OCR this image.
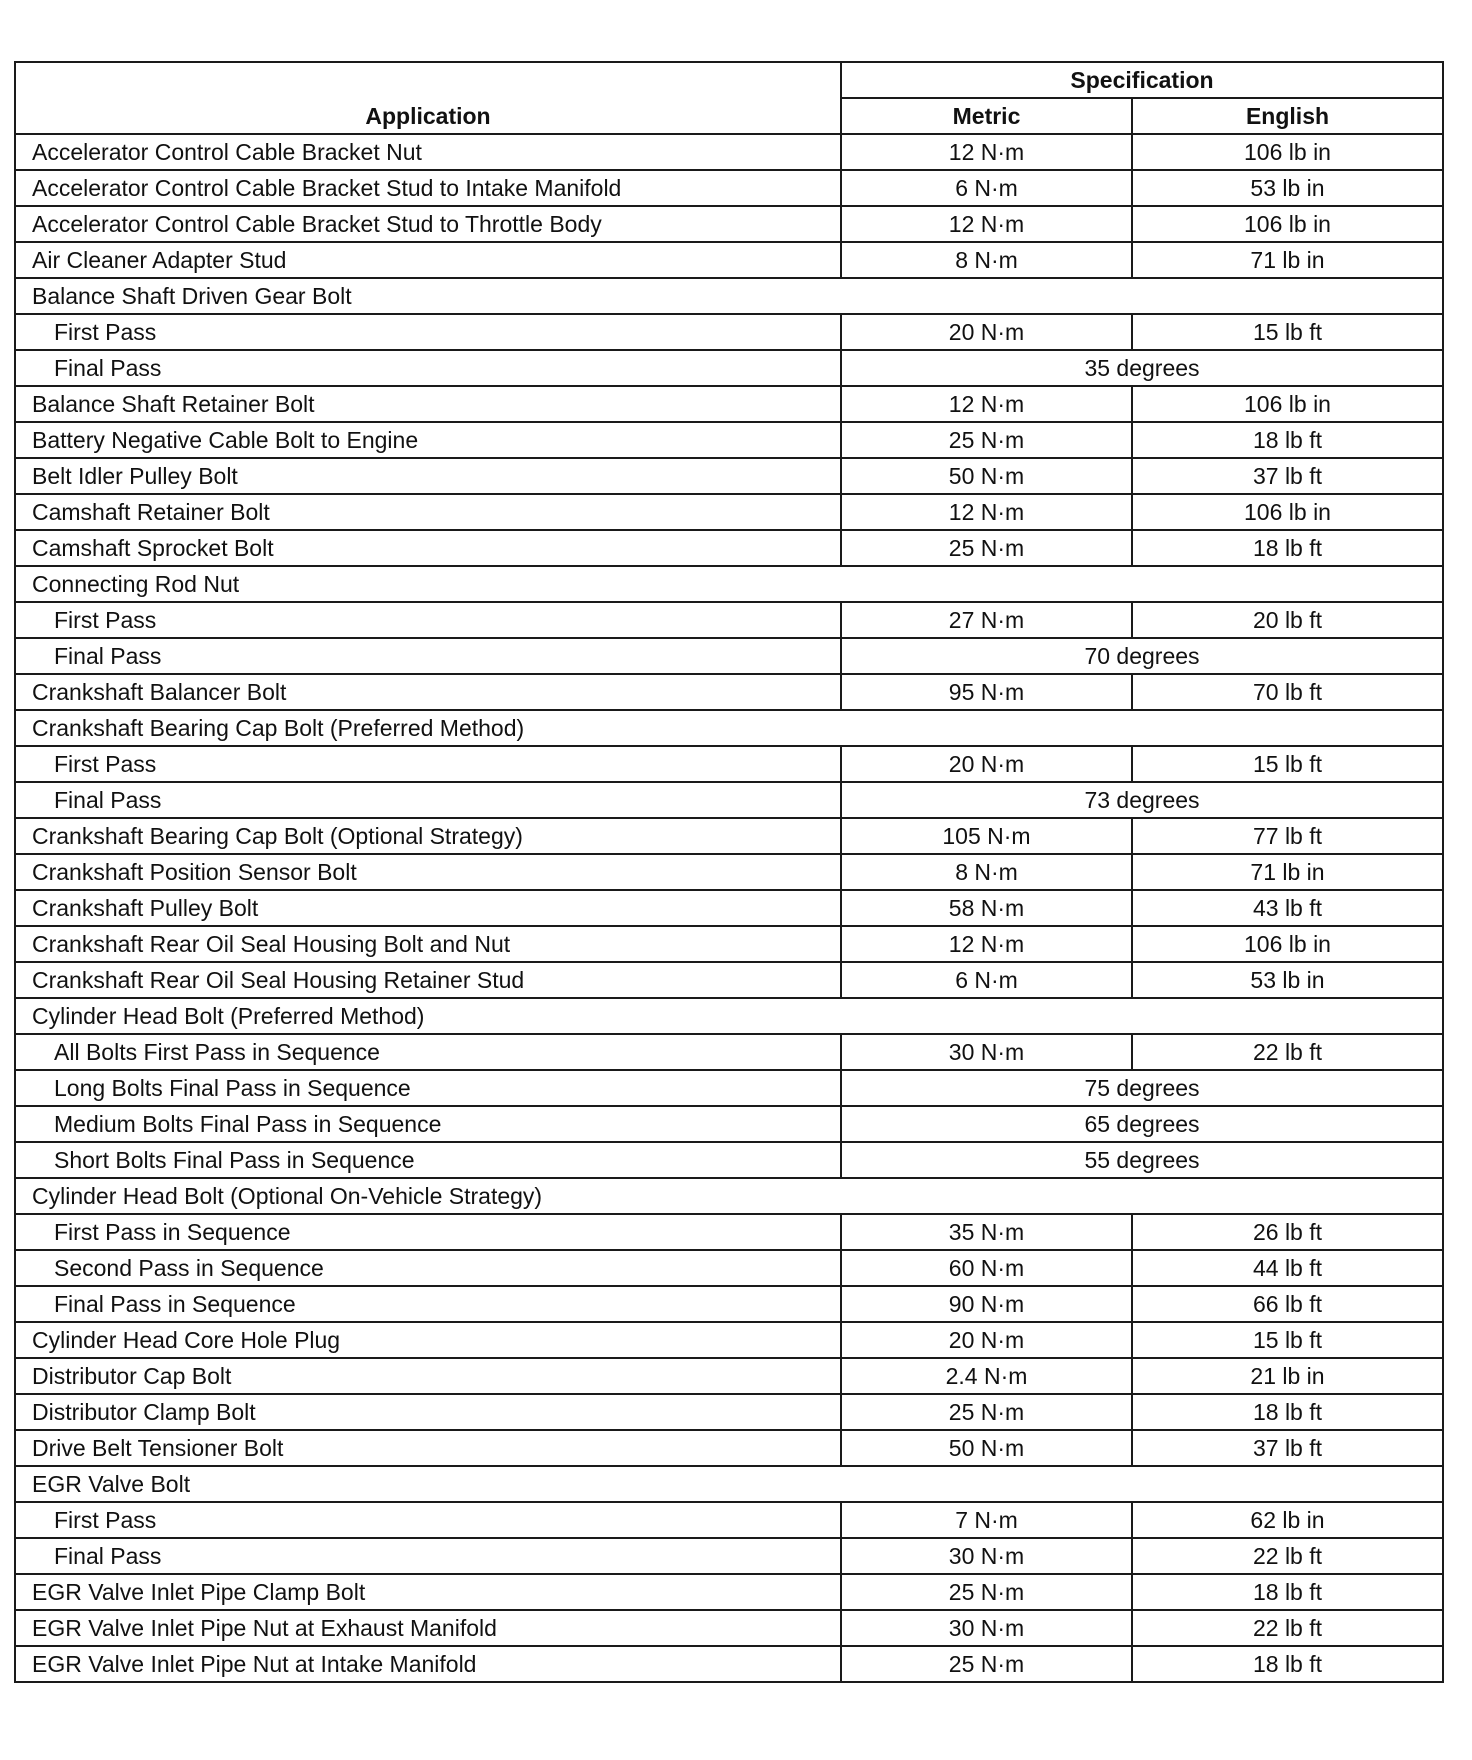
Application	Specification	
	Metric	English
Accelerator Control Cable Bracket Nut	12 N·m	106 lb in
Accelerator Control Cable Bracket Stud to Intake Manifold	6 N·m	53 lb in
Accelerator Control Cable Bracket Stud to Throttle Body	12 N·m	106 lb in
Air Cleaner Adapter Stud	8 N·m	71 lb in
Balance Shaft Driven Gear Bolt		
First Pass	20 N·m	15 lb ft
Final Pass	35 degrees	
Balance Shaft Retainer Bolt	12 N·m	106 lb in
Battery Negative Cable Bolt to Engine	25 N·m	18 lb ft
Belt Idler Pulley Bolt	50 N·m	37 lb ft
Camshaft Retainer Bolt	12 N·m	106 lb in
Camshaft Sprocket Bolt	25 N·m	18 lb ft
Connecting Rod Nut		
First Pass	27 N·m	20 lb ft
Final Pass	70 degrees	
Crankshaft Balancer Bolt	95 N·m	70 lb ft
Crankshaft Bearing Cap Bolt (Preferred Method)		
First Pass	20 N·m	15 lb ft
Final Pass	73 degrees	
Crankshaft Bearing Cap Bolt (Optional Strategy)	105 N·m	77 lb ft
Crankshaft Position Sensor Bolt	8 N·m	71 lb in
Crankshaft Pulley Bolt	58 N·m	43 lb ft
Crankshaft Rear Oil Seal Housing Bolt and Nut	12 N·m	106 lb in
Crankshaft Rear Oil Seal Housing Retainer Stud	6 N·m	53 lb in
Cylinder Head Bolt (Preferred Method)		
All Bolts First Pass in Sequence	30 N·m	22 lb ft
Long Bolts Final Pass in Sequence	75 degrees	
Medium Bolts Final Pass in Sequence	65 degrees	
Short Bolts Final Pass in Sequence	55 degrees	
Cylinder Head Bolt (Optional On-Vehicle Strategy)		
First Pass in Sequence	35 N·m	26 lb ft
Second Pass in Sequence	60 N·m	44 lb ft
Final Pass in Sequence	90 N·m	66 lb ft
Cylinder Head Core Hole Plug	20 N·m	15 lb ft
Distributor Cap Bolt	2.4 N·m	21 lb in
Distributor Clamp Bolt	25 N·m	18 lb ft
Drive Belt Tensioner Bolt	50 N·m	37 lb ft
EGR Valve Bolt		
First Pass	7 N·m	62 lb in
Final Pass	30 N·m	22 lb ft
EGR Valve Inlet Pipe Clamp Bolt	25 N·m	18 lb ft
EGR Valve Inlet Pipe Nut at Exhaust Manifold	30 N·m	22 lb ft
EGR Valve Inlet Pipe Nut at Intake Manifold	25 N·m	18 lb ft
